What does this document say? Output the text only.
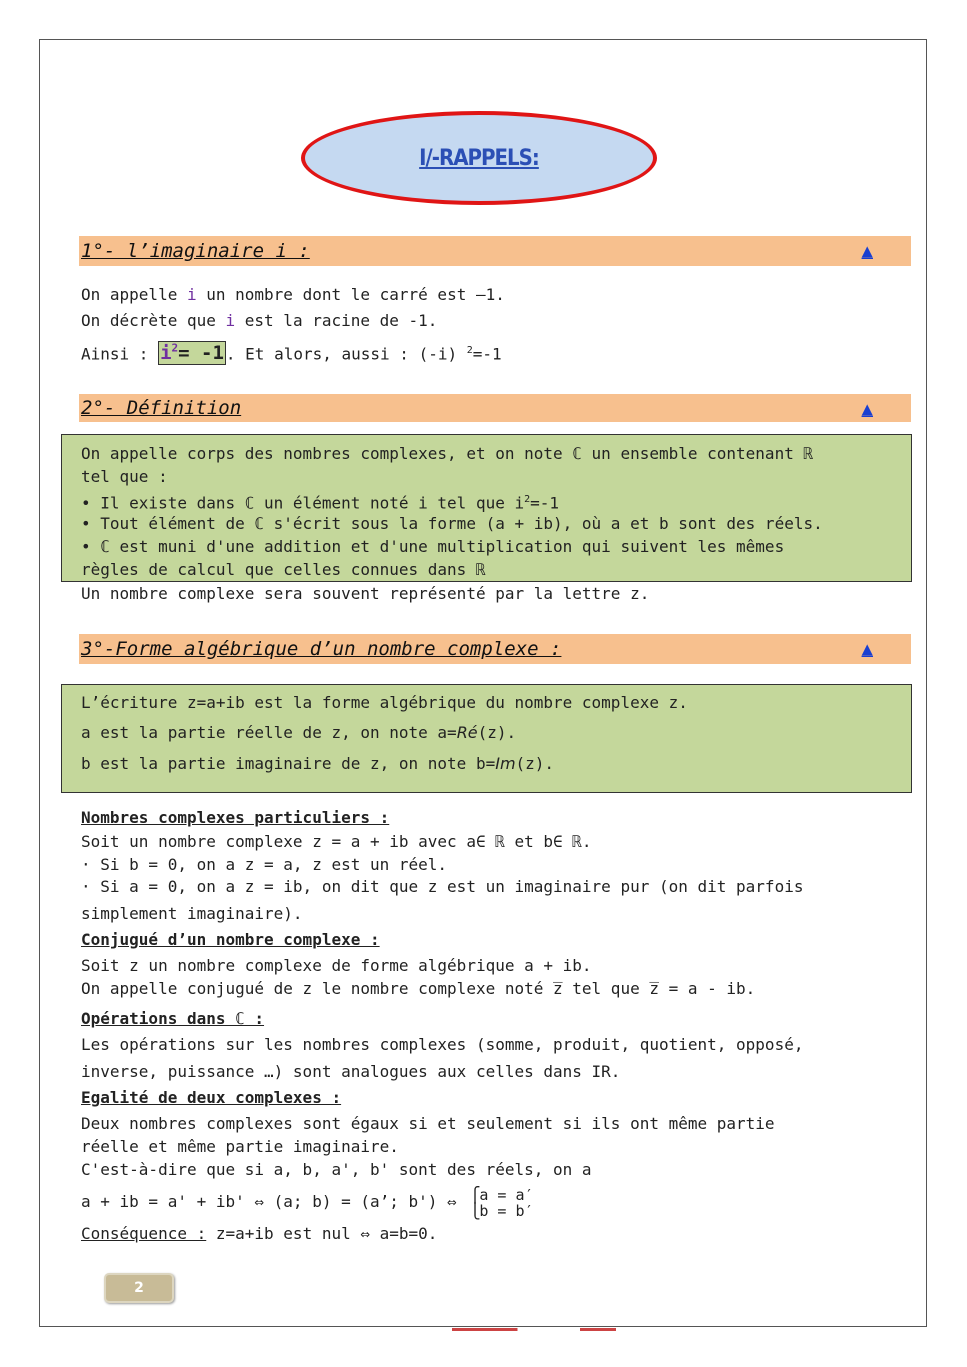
I/-RAPPELS:
1°- l’imaginaire i :	▲
On appelle i un nombre dont le carré est –1.
On décrète que i est la racine de -1.
Ainsi : $i^2= -1$ . Et alors, aussi : (-i) $^2$=-1
2°- Définition	▲
On appelle corps des nombres complexes, et on note ℂ un ensemble contenant ℝ
tel que :
• Il existe dans ℂ un élément noté i tel que $i^2=-1$
• Tout élément de ℂ s'écrit sous la forme (a + ib), où a et b sont des réels.
• ℂ est muni d'une addition et d'une multiplication qui suivent les mêmes
règles de calcul que celles connues dans ℝ
Un nombre complexe sera souvent représenté par la lettre z.
3°-Forme algébrique d’un nombre complexe :	▲
L’écriture z=a+ib est la forme algébrique du nombre complexe z.
a est la partie réelle de z, on note a=Ré(z).
b est la partie imaginaire de z, on note b=Im(z).
Nombres complexes particuliers :
Soit un nombre complexe z = a + ib avec a∈ ℝ et b∈ ℝ.
· Si b = 0, on a z = a, z est un réel.
· Si a = 0, on a z = ib, on dit que z est un imaginaire pur (on dit parfois
simplement imaginaire).
Conjugué d’un nombre complexe :
Soit z un nombre complexe de forme algébrique a + ib.
On appelle conjugué de z le nombre complexe noté z̅ tel que z̅ = a - ib.
Opérations dans ℂ :
Les opérations sur les nombres complexes (somme, produit, quotient, opposé,
inverse, puissance …) sont analogues aux celles dans IR.
Egalité de deux complexes :
Deux nombres complexes sont égaux si et seulement si ils ont même partie
réelle et même partie imaginaire.
C'est-à-dire que si a, b, a', b' sont des réels, on a
a + ib = a' + ib' ⇔ (a; b) = (a’; b') ⇔ ⎧a = a′
⎩b = b′
Conséquence : z=a+ib est nul ⇔ a=b=0.
2
